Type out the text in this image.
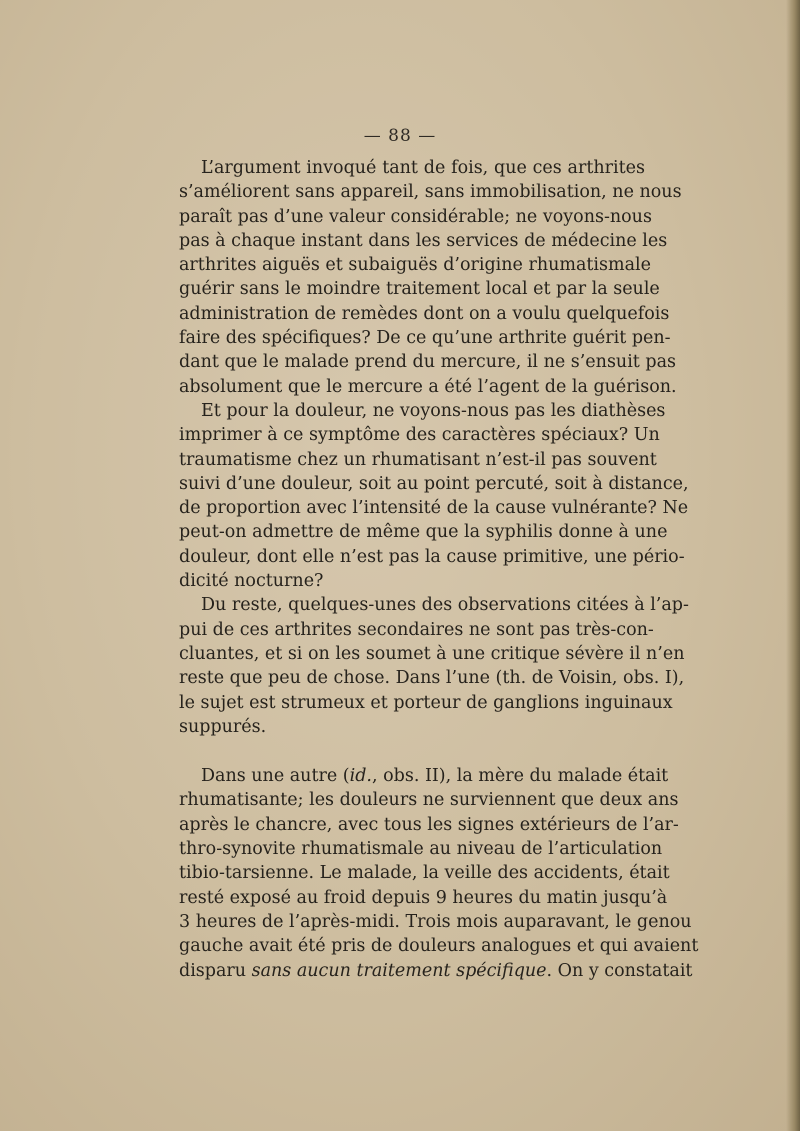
— 88 —
L’argument invoqué tant de fois, que ces arthrites
s’améliorent sans appareil, sans immobilisation, ne nous
paraît pas d’une valeur considérable; ne voyons-nous
pas à chaque instant dans les services de médecine les
arthrites aiguës et subaiguës d’origine rhumatismale
guérir sans le moindre traitement local et par la seule
administration de remèdes dont on a voulu quelquefois
faire des spécifiques? De ce qu’une arthrite guérit pen-
dant que le malade prend du mercure, il ne s’ensuit pas
absolument que le mercure a été l’agent de la guérison.
Et pour la douleur, ne voyons-nous pas les diathèses
imprimer à ce symptôme des caractères spéciaux? Un
traumatisme chez un rhumatisant n’est-il pas souvent
suivi d’une douleur, soit au point percuté, soit à distance,
de proportion avec l’intensité de la cause vulnérante? Ne
peut-on admettre de même que la syphilis donne à une
douleur, dont elle n’est pas la cause primitive, une pério-
dicité nocturne?
Du reste, quelques-unes des observations citées à l’ap-
pui de ces arthrites secondaires ne sont pas très-con-
cluantes, et si on les soumet à une critique sévère il n’en
reste que peu de chose. Dans l’une (th. de Voisin, obs. I),
le sujet est strumeux et porteur de ganglions inguinaux
suppurés.
Dans une autre (id., obs. II), la mère du malade était
rhumatisante; les douleurs ne surviennent que deux ans
après le chancre, avec tous les signes extérieurs de l’ar-
thro-synovite rhumatismale au niveau de l’articulation
tibio-tarsienne. Le malade, la veille des accidents, était
resté exposé au froid depuis 9 heures du matin jusqu’à
3 heures de l’après-midi. Trois mois auparavant, le genou
gauche avait été pris de douleurs analogues et qui avaient
disparu sans aucun traitement spécifique. On y constatait
